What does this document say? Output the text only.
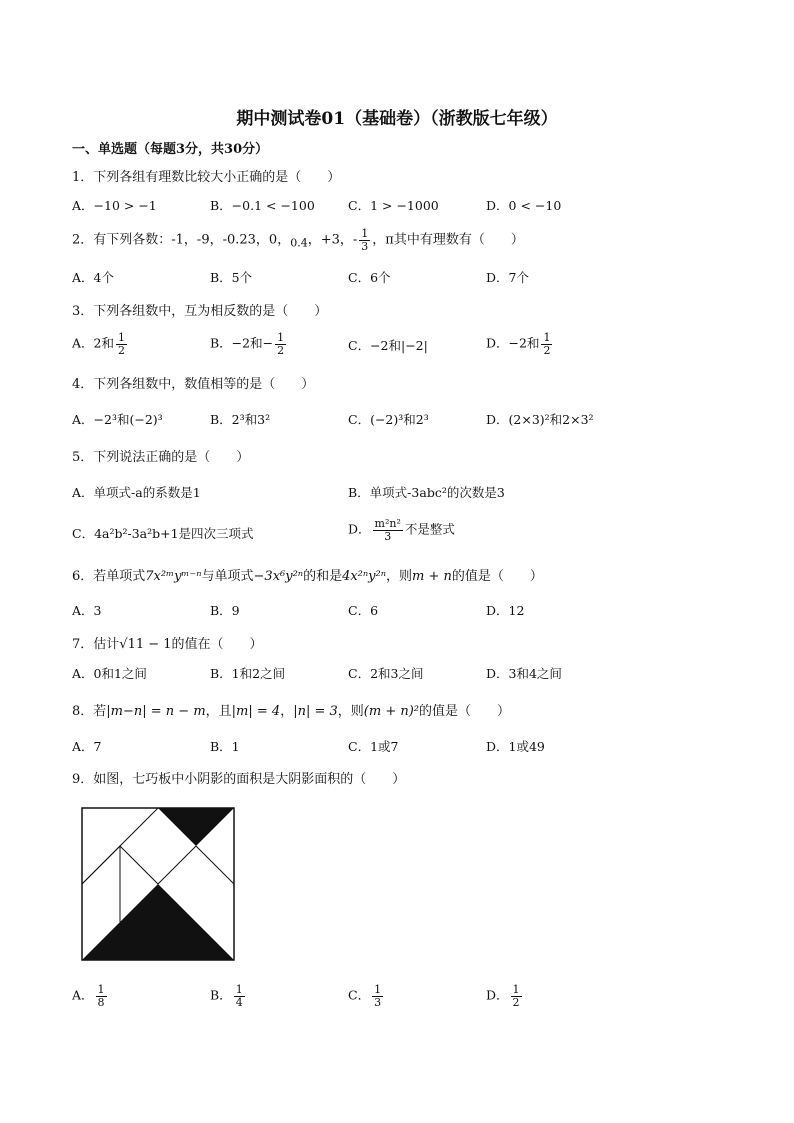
期中测试卷01（基础卷）（浙教版七年级）
一、单选题（每题3分，共30分）
1．下列各组有理数比较大小正确的是（　　）
A．−10 > −1	B．−0.1 < −100	C．1 > −1000	D．0 < −10
2．有下列各数：-1，-9，-0.23，0，$_{0.4}$，+3，- $\frac{1}{3}$ ，π其中有理数有（　　）
A．4个	B．5个	C．6个	D．7个
3．下列各组数中，互为相反数的是（　　）
A．2和 $\frac{1}{2}$	B．−2和− $\frac{1}{2}$	C．−2和|−2|	D．−2和 $\frac{1}{2}$
4．下列各组数中，数值相等的是（　　）
A．−2³和(−2)³	B．2³和3²	C．(−2)³和2³	D．(2×3)²和2×3²
5．下列说法正确的是（　　）
A．单项式-a的系数是1	B．单项式-3abc²的次数是3
C．4a²b²-3a²b+1是四次三项式	D． $\frac{\text{m²n²}}{3}$ 不是整式
6．若单项式7x²ᵐyᵐ⁻ⁿ与单项式−3x⁶y²ⁿ的和是4x²ⁿy²ⁿ，则m + n的值是（　　）
A．3	B．9	C．6	D．12
7．估计√11 − 1的值在（　　）
A．0和1之间	B．1和2之间	C．2和3之间	D．3和4之间
8．若|m−n| = n − m，且|m| = 4，|n| = 3，则(m + n)²的值是（　　）
A．7	B．1	C．1或7	D．1或49
9．如图，七巧板中小阴影的面积是大阴影面积的（　　）
A． $\frac{1}{8}$	B． $\frac{1}{4}$	C． $\frac{1}{3}$	D． $\frac{1}{2}$
